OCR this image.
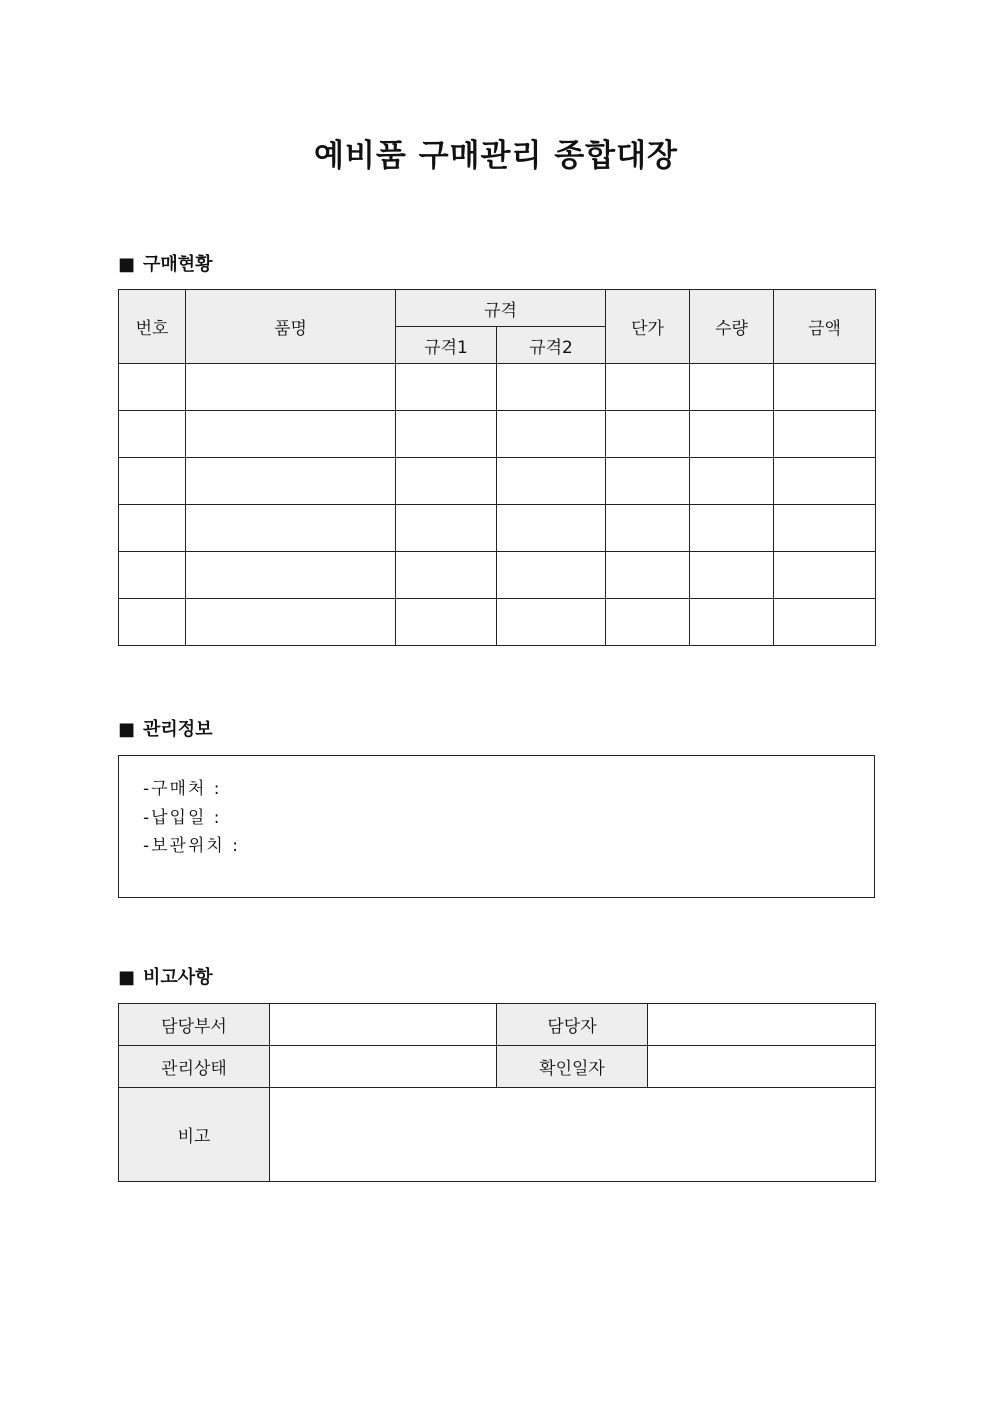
예비품 구매관리 종합대장
■ 구매현황
번호	품명	규격		단가	수량	금액
		규격1	규격2			

■ 관리정보
-구매처 :
-납입일 :
-보관위치 :
■ 비고사항
담당부서		담당자	
관리상태		확인일자	
비고			
